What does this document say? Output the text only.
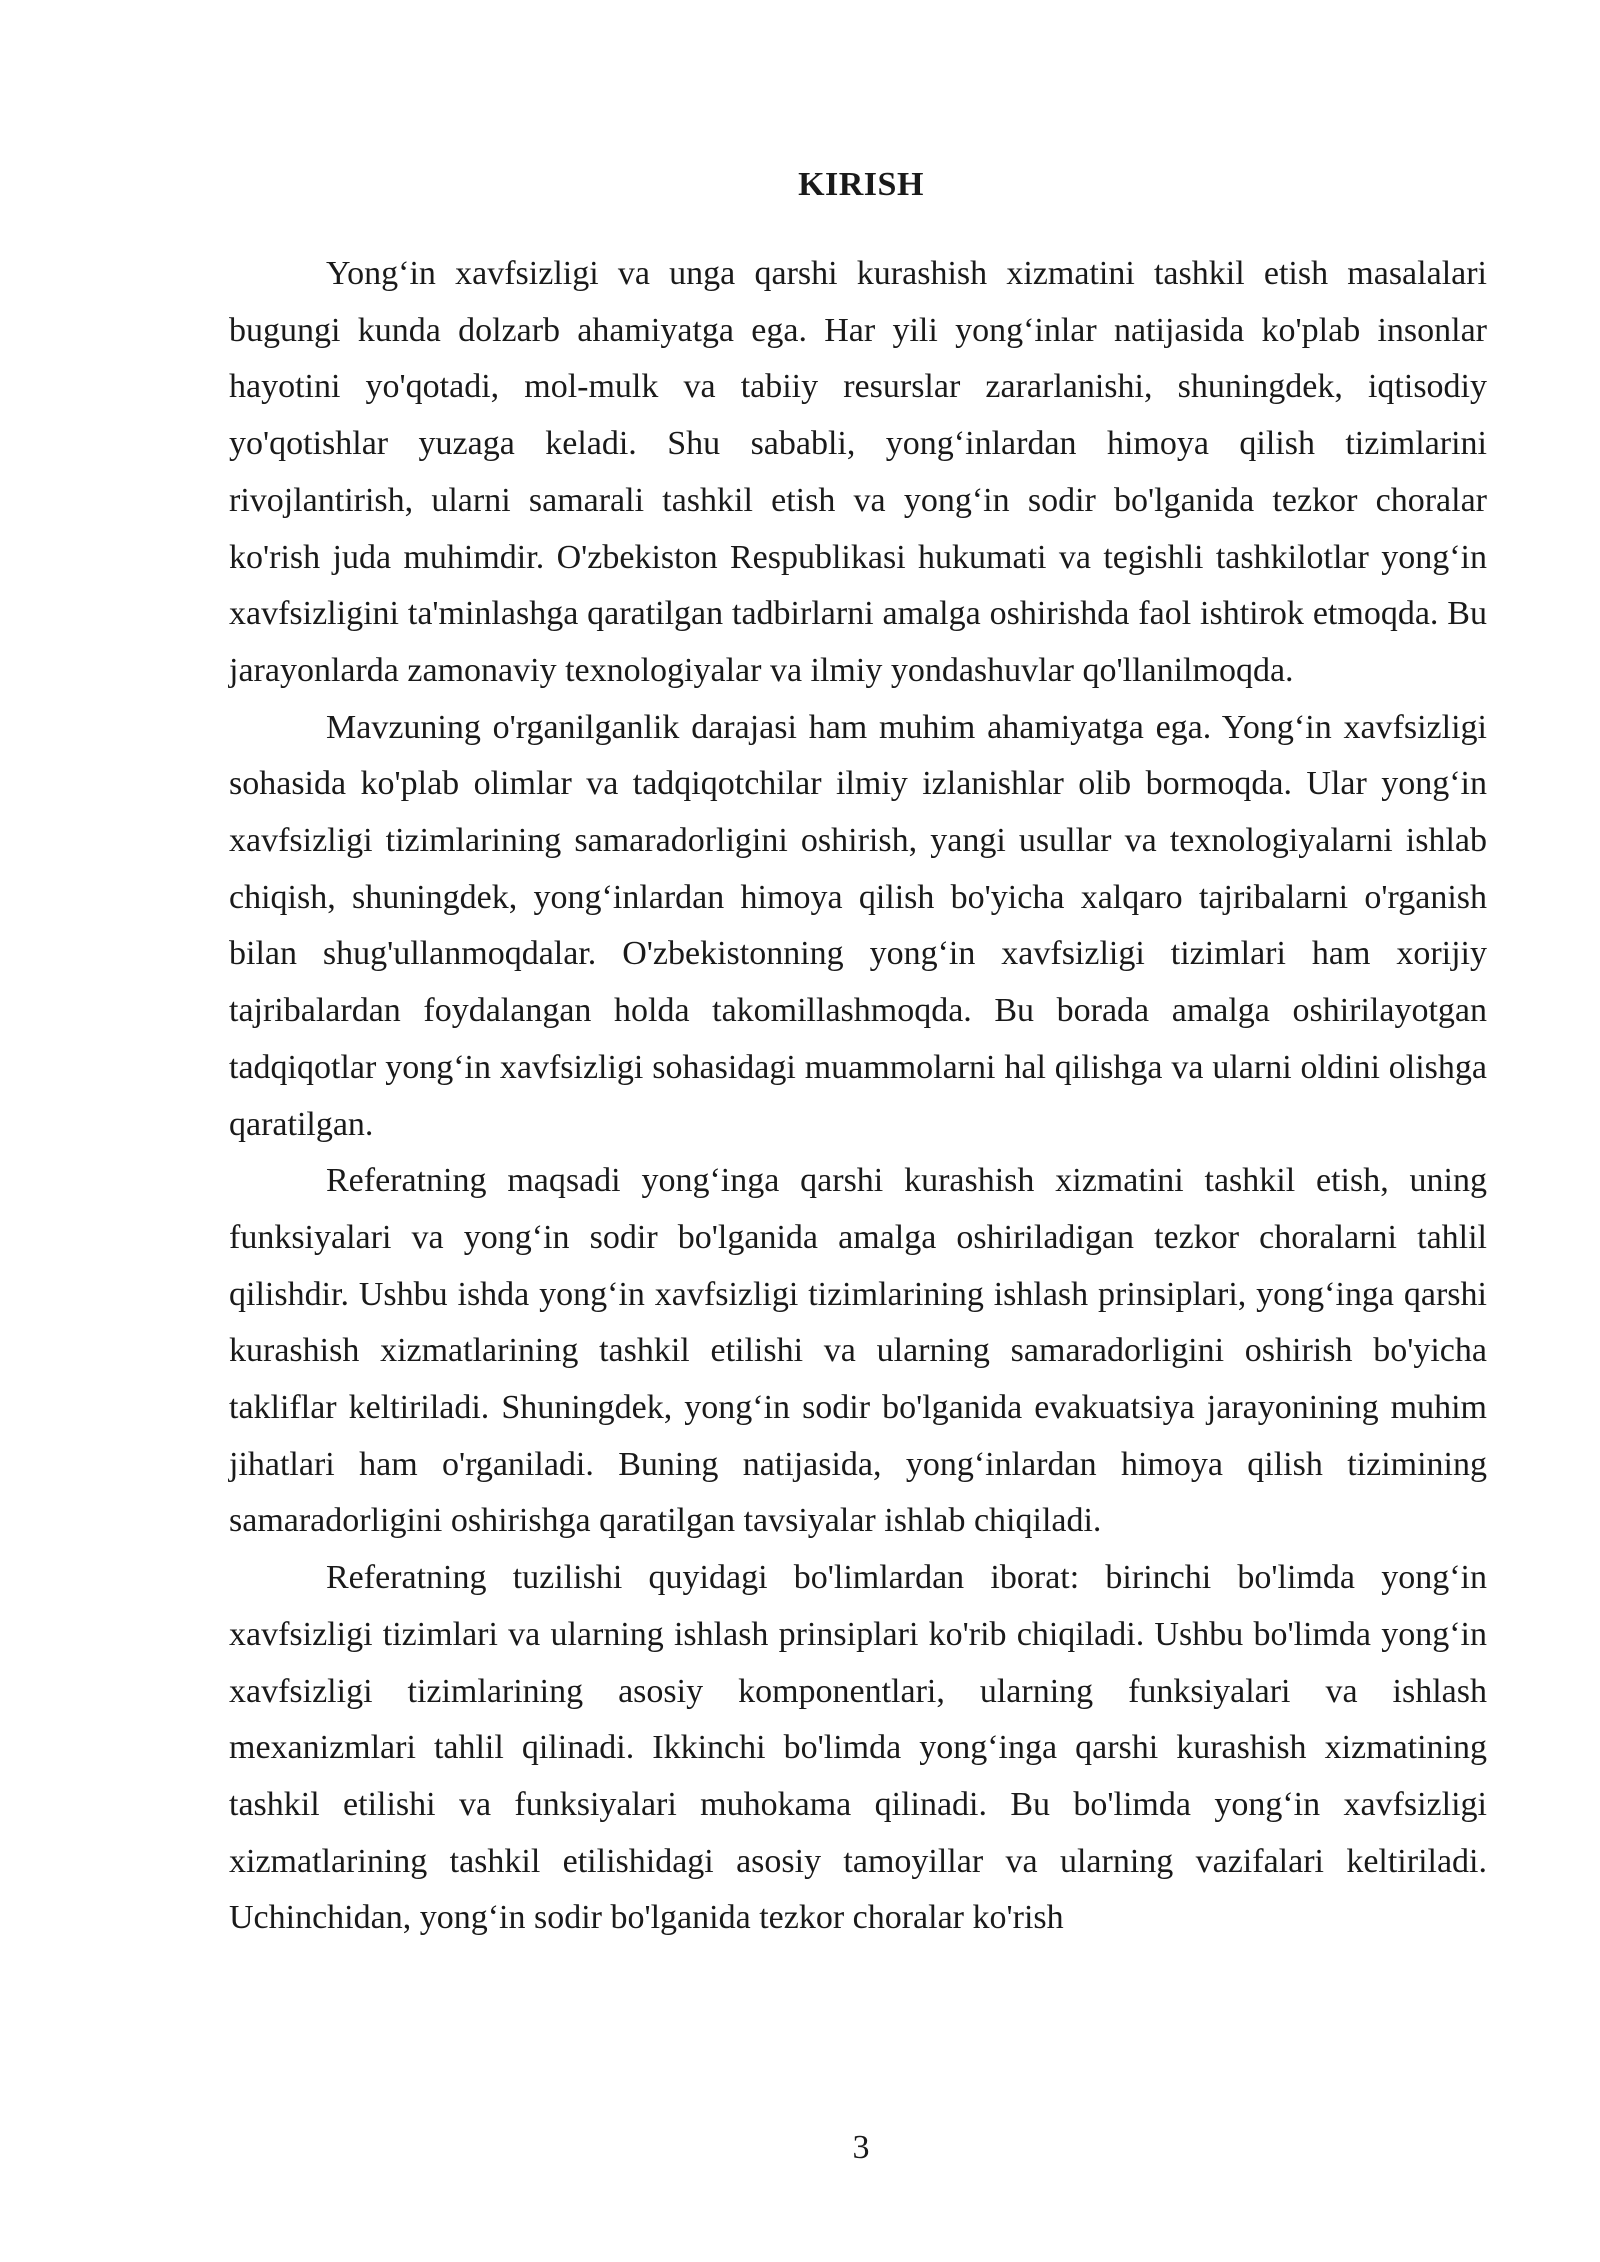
KIRISH

Yong‘in xavfsizligi va unga qarshi kurashish xizmatini tashkil etish masalalari bugungi kunda dolzarb ahamiyatga ega. Har yili yong‘inlar natijasida ko'plab insonlar hayotini yo'qotadi, mol-mulk va tabiiy resurslar zararlanishi, shuningdek, iqtisodiy yo'qotishlar yuzaga keladi. Shu sababli, yong‘inlardan himoya qilish tizimlarini rivojlantirish, ularni samarali tashkil etish va yong‘in sodir bo'lganida tezkor choralar ko'rish juda muhimdir. O'zbekiston Respublikasi hukumati va tegishli tashkilotlar yong‘in xavfsizligini ta'minlashga qaratilgan tadbirlarni amalga oshirishda faol ishtirok etmoqda. Bu jarayonlarda zamonaviy texnologiyalar va ilmiy yondashuvlar qo'llanilmoqda.

Mavzuning o'rganilganlik darajasi ham muhim ahamiyatga ega. Yong‘in xavfsizligi sohasida ko'plab olimlar va tadqiqotchilar ilmiy izlanishlar olib bormoqda. Ular yong‘in xavfsizligi tizimlarining samaradorligini oshirish, yangi usullar va texnologiyalarni ishlab chiqish, shuningdek, yong‘inlardan himoya qilish bo'yicha xalqaro tajribalarni o'rganish bilan shug'ullanmoqdalar. O'zbekistonning yong‘in xavfsizligi tizimlari ham xorijiy tajribalardan foydalangan holda takomillashmoqda. Bu borada amalga oshirilayotgan tadqiqotlar yong‘in xavfsizligi sohasidagi muammolarni hal qilishga va ularni oldini olishga qaratilgan.

Referatning maqsadi yong‘inga qarshi kurashish xizmatini tashkil etish, uning funksiyalari va yong‘in sodir bo'lganida amalga oshiriladigan tezkor choralarni tahlil qilishdir. Ushbu ishda yong‘in xavfsizligi tizimlarining ishlash prinsiplari, yong‘inga qarshi kurashish xizmatlarining tashkil etilishi va ularning samaradorligini oshirish bo'yicha takliflar keltiriladi. Shuningdek, yong‘in sodir bo'lganida evakuatsiya jarayonining muhim jihatlari ham o'rganiladi. Buning natijasida, yong‘inlardan himoya qilish tizimining samaradorligini oshirishga qaratilgan tavsiyalar ishlab chiqiladi.

Referatning tuzilishi quyidagi bo'limlardan iborat: birinchi bo'limda yong‘in xavfsizligi tizimlari va ularning ishlash prinsiplari ko'rib chiqiladi. Ushbu bo'limda yong‘in xavfsizligi tizimlarining asosiy komponentlari, ularning funksiyalari va ishlash mexanizmlari tahlil qilinadi. Ikkinchi bo'limda yong‘inga qarshi kurashish xizmatining tashkil etilishi va funksiyalari muhokama qilinadi. Bu bo'limda yong‘in xavfsizligi xizmatlarining tashkil etilishidagi asosiy tamoyillar va ularning vazifalari keltiriladi. Uchinchidan, yong‘in sodir bo'lganida tezkor choralar ko'rish

3
